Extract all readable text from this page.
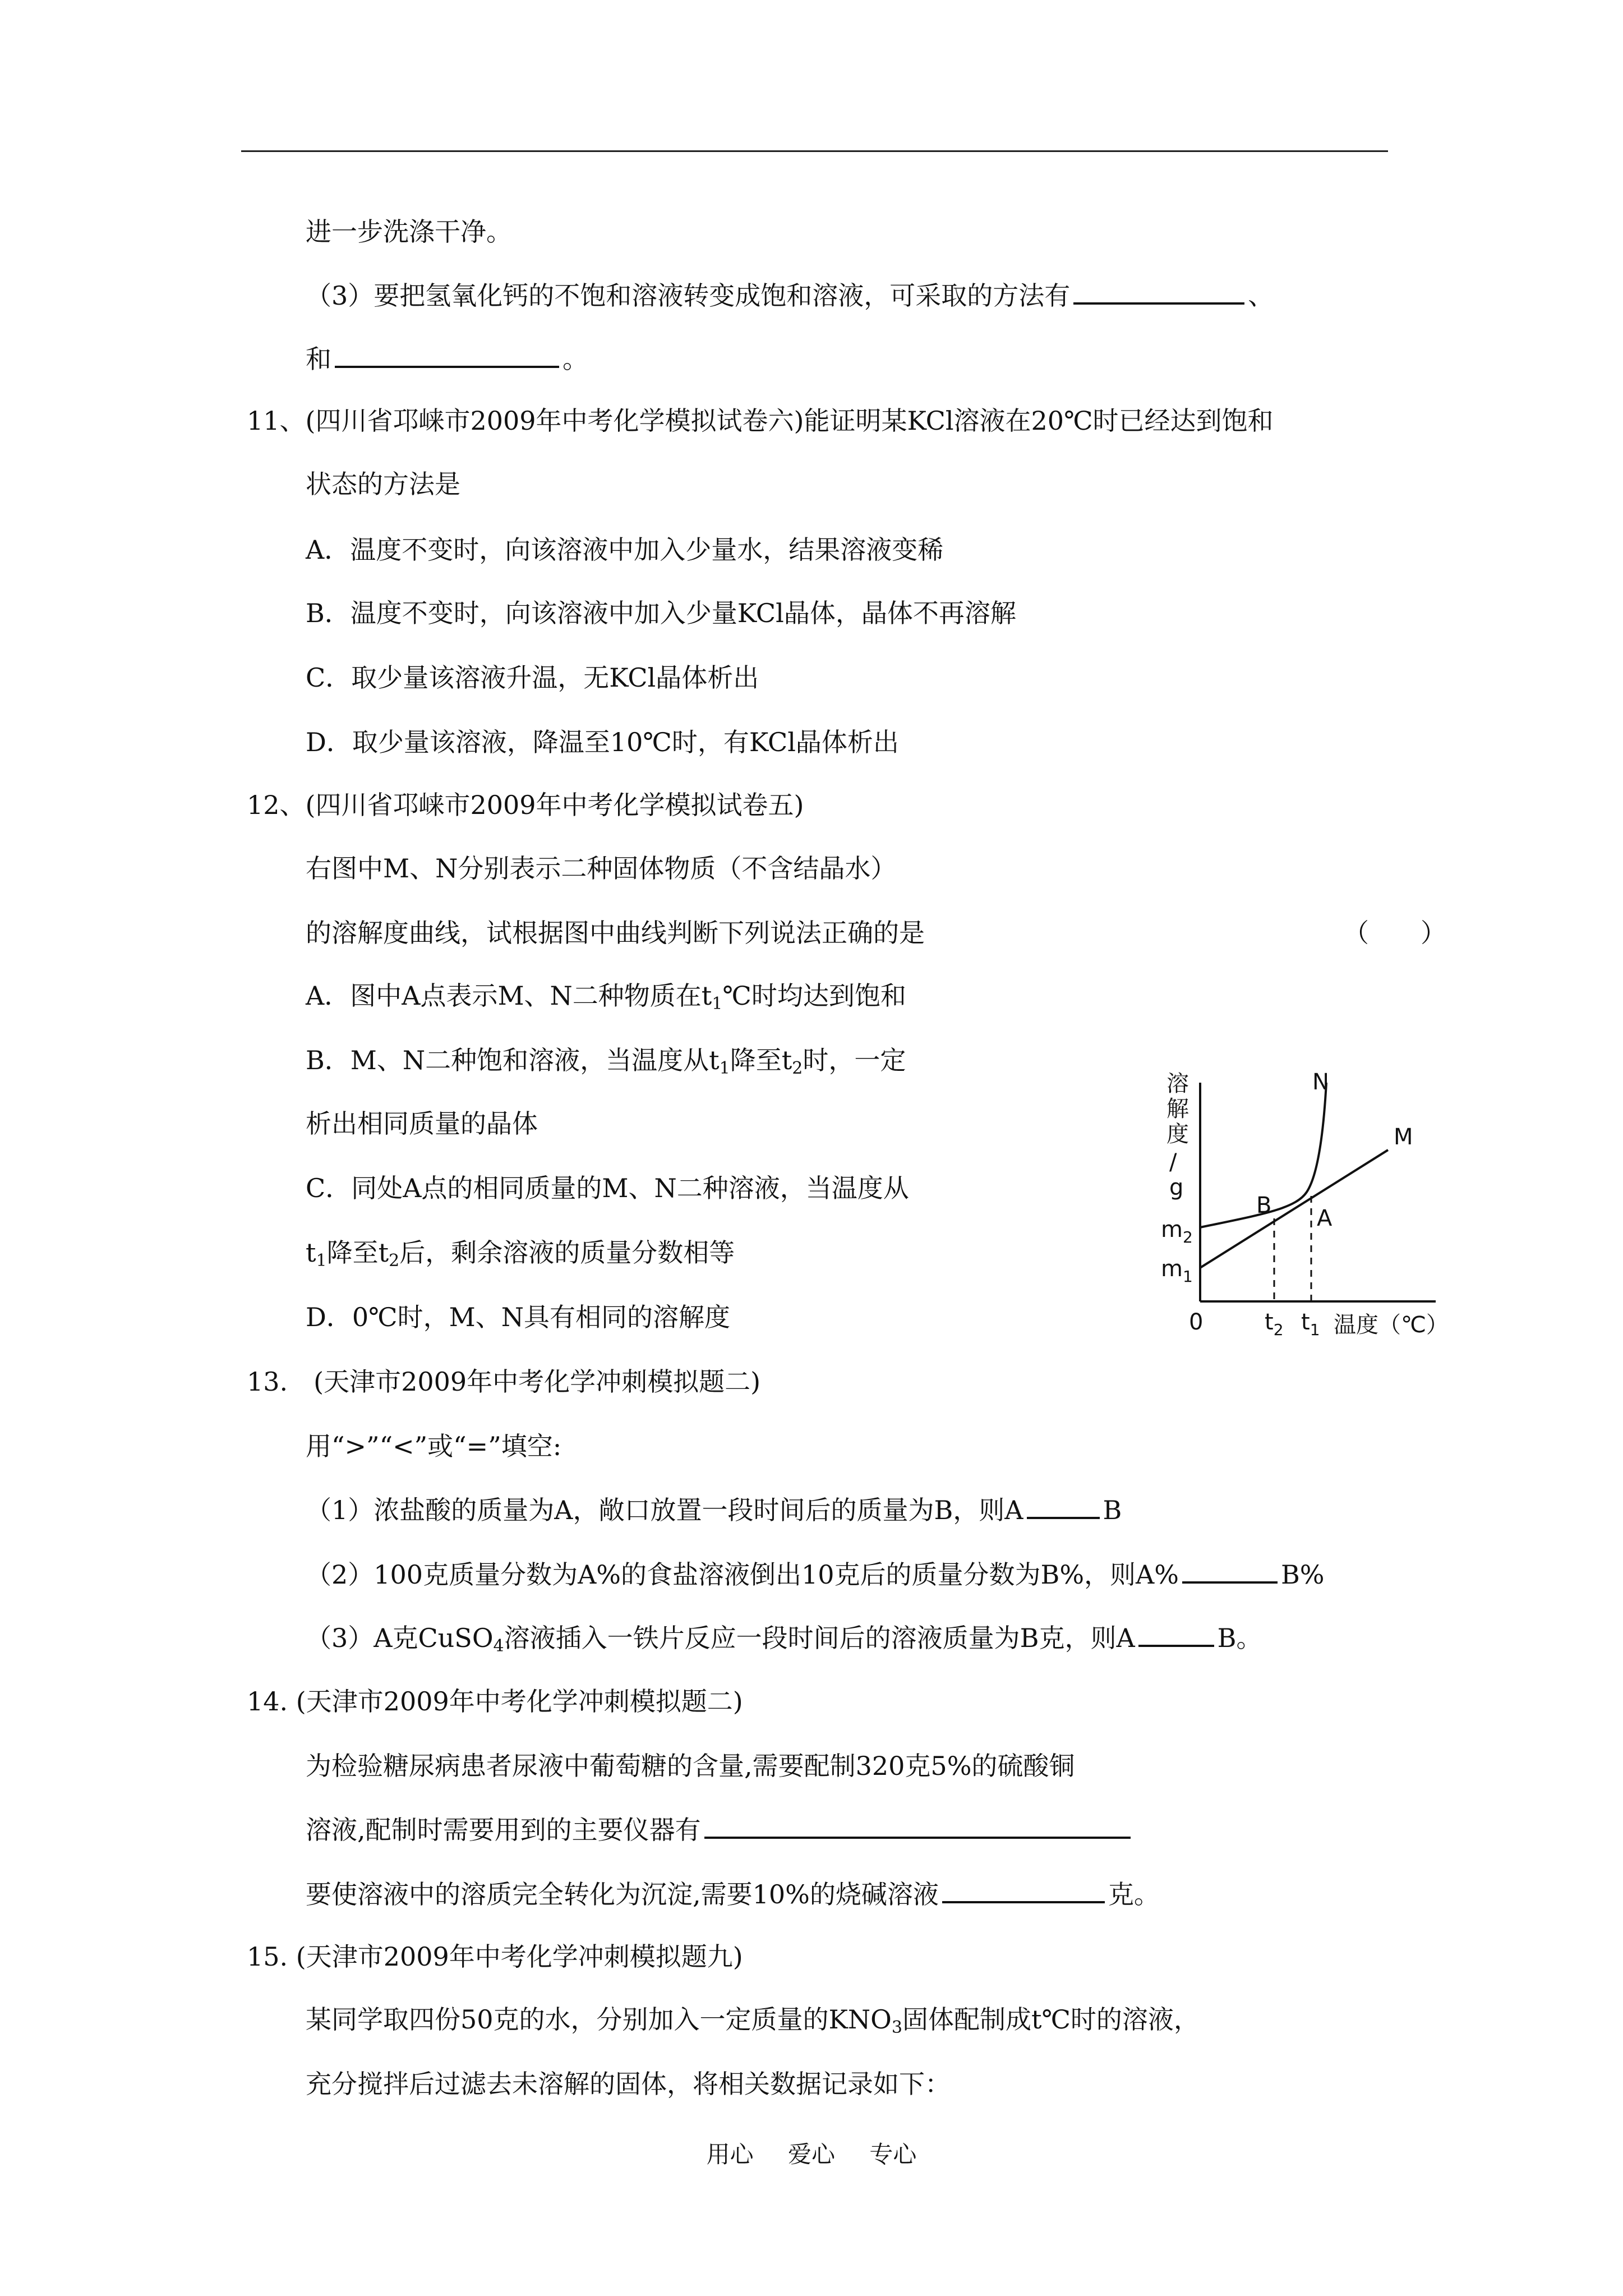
进一步洗涤干净。
（3）要把氢氧化钙的不饱和溶液转变成饱和溶液，可采取的方法有	、
和	。
11、(四川省邛崃市2009年中考化学模拟试卷六)能证明某KCl溶液在20℃时已经达到饱和
状态的方法是
A．温度不变时，向该溶液中加入少量水，结果溶液变稀
B．温度不变时，向该溶液中加入少量KCl晶体，晶体不再溶解
C．取少量该溶液升温，无KCl晶体析出
D．取少量该溶液，降温至10℃时，有KCl晶体析出
12、(四川省邛崃市2009年中考化学模拟试卷五)
右图中M、N分别表示二种固体物质（不含结晶水）
的溶解度曲线，试根据图中曲线判断下列说法正确的是	（　　）
A．图中A点表示M、N二种物质在$t_1℃$时均达到饱和
B．M、N二种饱和溶液，当温度从$t_1$降至$t_2$时，一定
析出相同质量的晶体
C．同处A点的相同质量的M、N二种溶液，当温度从
$t_1$降至$t_2$后，剩余溶液的质量分数相等
D．0℃时，M、N具有相同的溶解度
溶
解
度
/
g
N
M
B A
$m_2$
$m_1$
0	$t_2$ $t_1$ 温度（℃）
13.　(天津市2009年中考化学冲刺模拟题二)
用“>”“<”或“=”填空:
（1）浓盐酸的质量为A，敞口放置一段时间后的质量为B，则A	B
（2）100克质量分数为A%的食盐溶液倒出10克后的质量分数为B%，则A%	B%
（3）A克CuSO$_4$溶液插入一铁片反应一段时间后的溶液质量为B克，则A	B。
14. (天津市2009年中考化学冲刺模拟题二)
为检验糖尿病患者尿液中葡萄糖的含量,需要配制320克5%的硫酸铜
溶液,配制时需要用到的主要仪器有
要使溶液中的溶质完全转化为沉淀,需要10%的烧碱溶液	克。
15. (天津市2009年中考化学冲刺模拟题九)
某同学取四份50克的水，分别加入一定质量的$KNO_3$固体配制成t℃时的溶液，
充分搅拌后过滤去未溶解的固体，将相关数据记录如下：
用心 爱心 专心
